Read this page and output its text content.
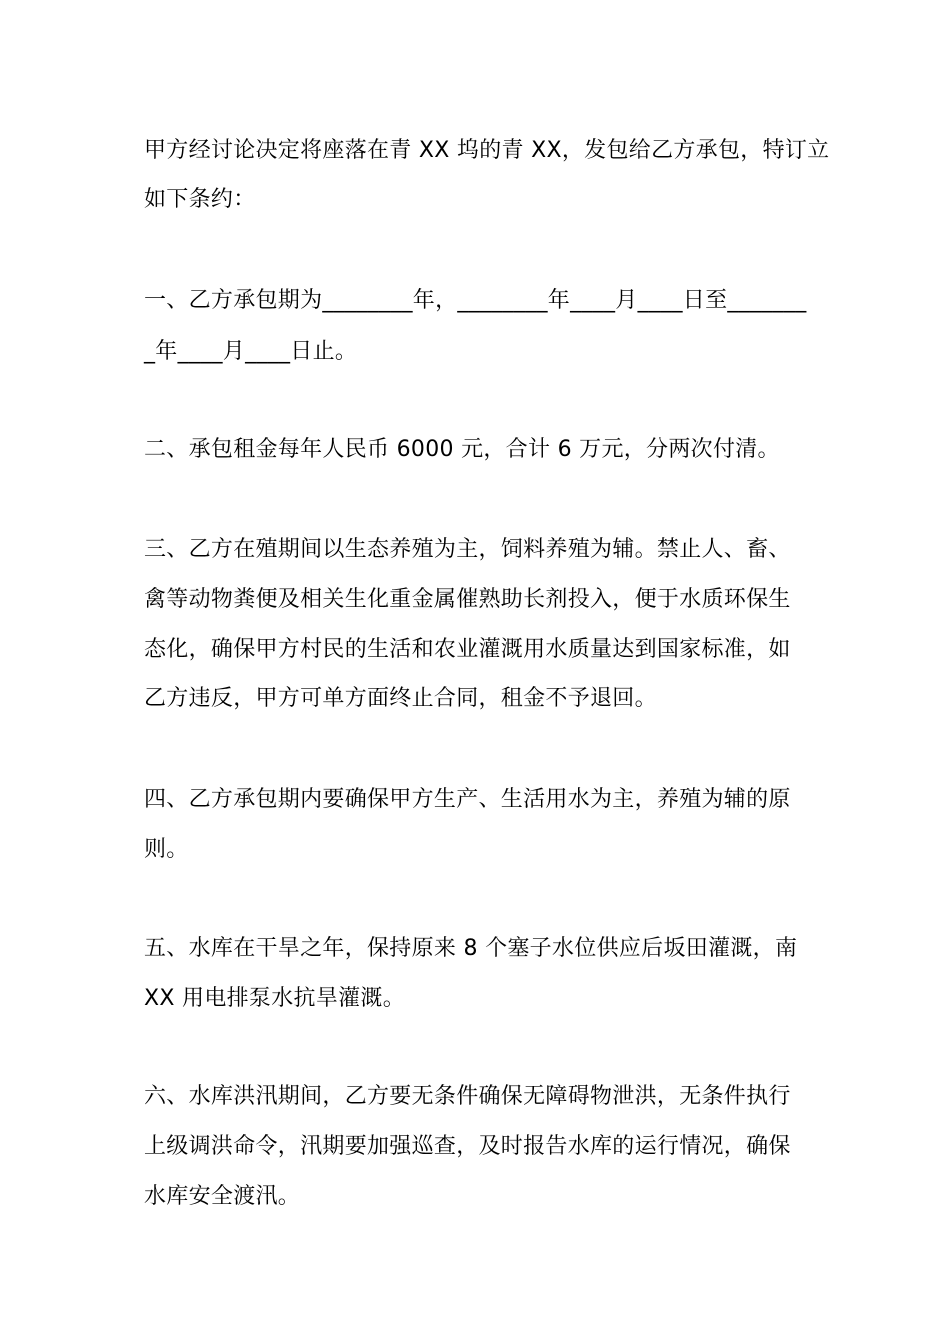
甲方经讨论决定将座落在青 XX 坞的青 XX，发包给乙方承包，特订立
如下条约：
一、乙方承包期为________年，________年____月____日至_______
_年____月____日止。
二、承包租金每年人民币 6000 元，合计 6 万元，分两次付清。
三、乙方在殖期间以生态养殖为主，饲料养殖为辅。禁止人、畜、
禽等动物粪便及相关生化重金属催熟助长剂投入，便于水质环保生
态化，确保甲方村民的生活和农业灌溉用水质量达到国家标准，如
乙方违反，甲方可单方面终止合同，租金不予退回。
四、乙方承包期内要确保甲方生产、生活用水为主，养殖为辅的原
则。
五、水库在干旱之年，保持原来 8 个塞子水位供应后坂田灌溉，南
XX 用电排泵水抗旱灌溉。
六、水库洪汛期间，乙方要无条件确保无障碍物泄洪，无条件执行
上级调洪命令，汛期要加强巡查，及时报告水库的运行情况，确保
水库安全渡汛。
